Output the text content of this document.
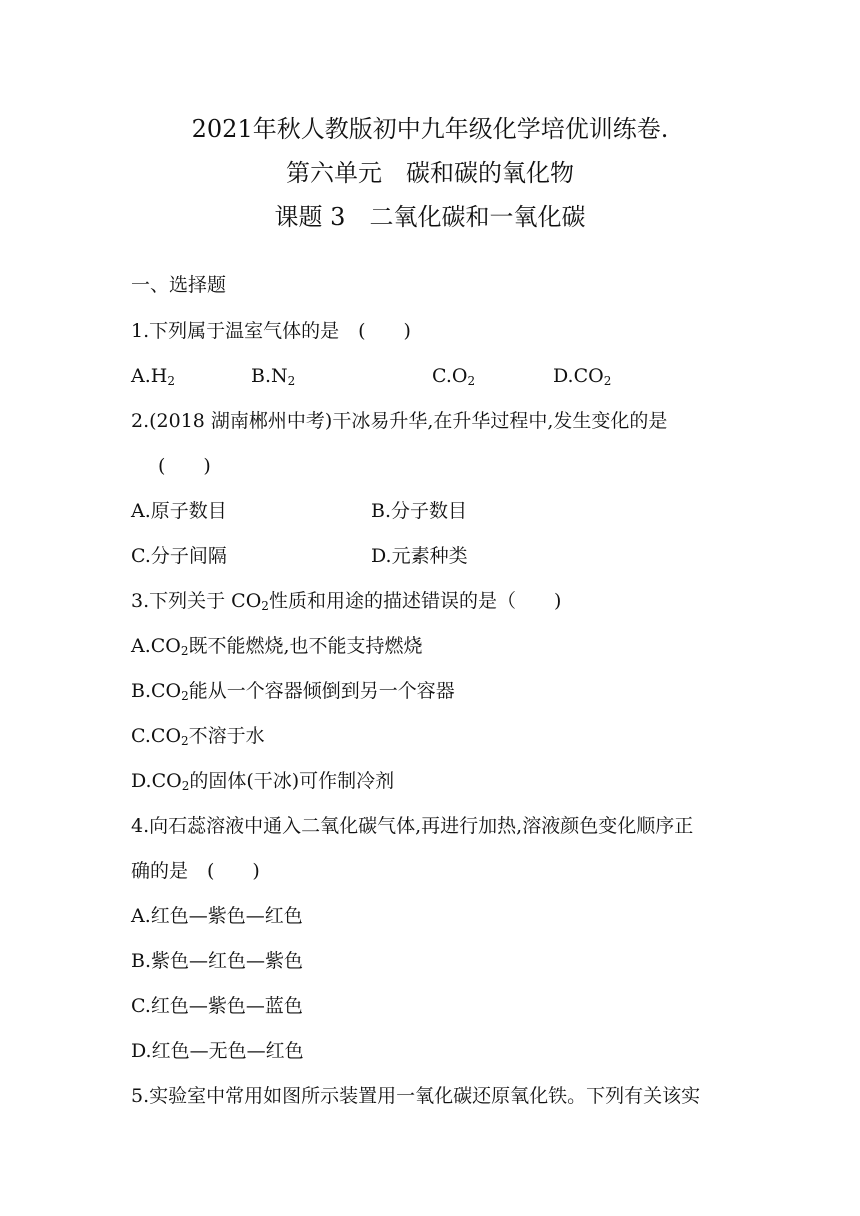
2021年秋人教版初中九年级化学培优训练卷.
第六单元　碳和碳的氧化物
课题 3　二氧化碳和一氧化碳
一、选择题
1.下列属于温室气体的是　(　　)
$A.H_2$	$B.N_2$	$C.O_2$	$D.CO_2$
2.(2018 湖南郴州中考)干冰易升华,在升华过程中,发生变化的是
(　　)
A.原子数目	B.分子数目
C.分子间隔	D.元素种类
3.下列关于 $CO_2$性质和用途的描述错误的是（　　)
$A.CO_2$既不能燃烧,也不能支持燃烧
$B.CO_2$能从一个容器倾倒到另一个容器
$C.CO_2$不溶于水
$D.CO_2$的固体(干冰)可作制冷剂
4.向石蕊溶液中通入二氧化碳气体,再进行加热,溶液颜色变化顺序正
确的是　(　　)
A.红色—紫色—红色
B.紫色—红色—紫色
C.红色—紫色—蓝色
D.红色—无色—红色
5.实验室中常用如图所示装置用一氧化碳还原氧化铁。下列有关该实
